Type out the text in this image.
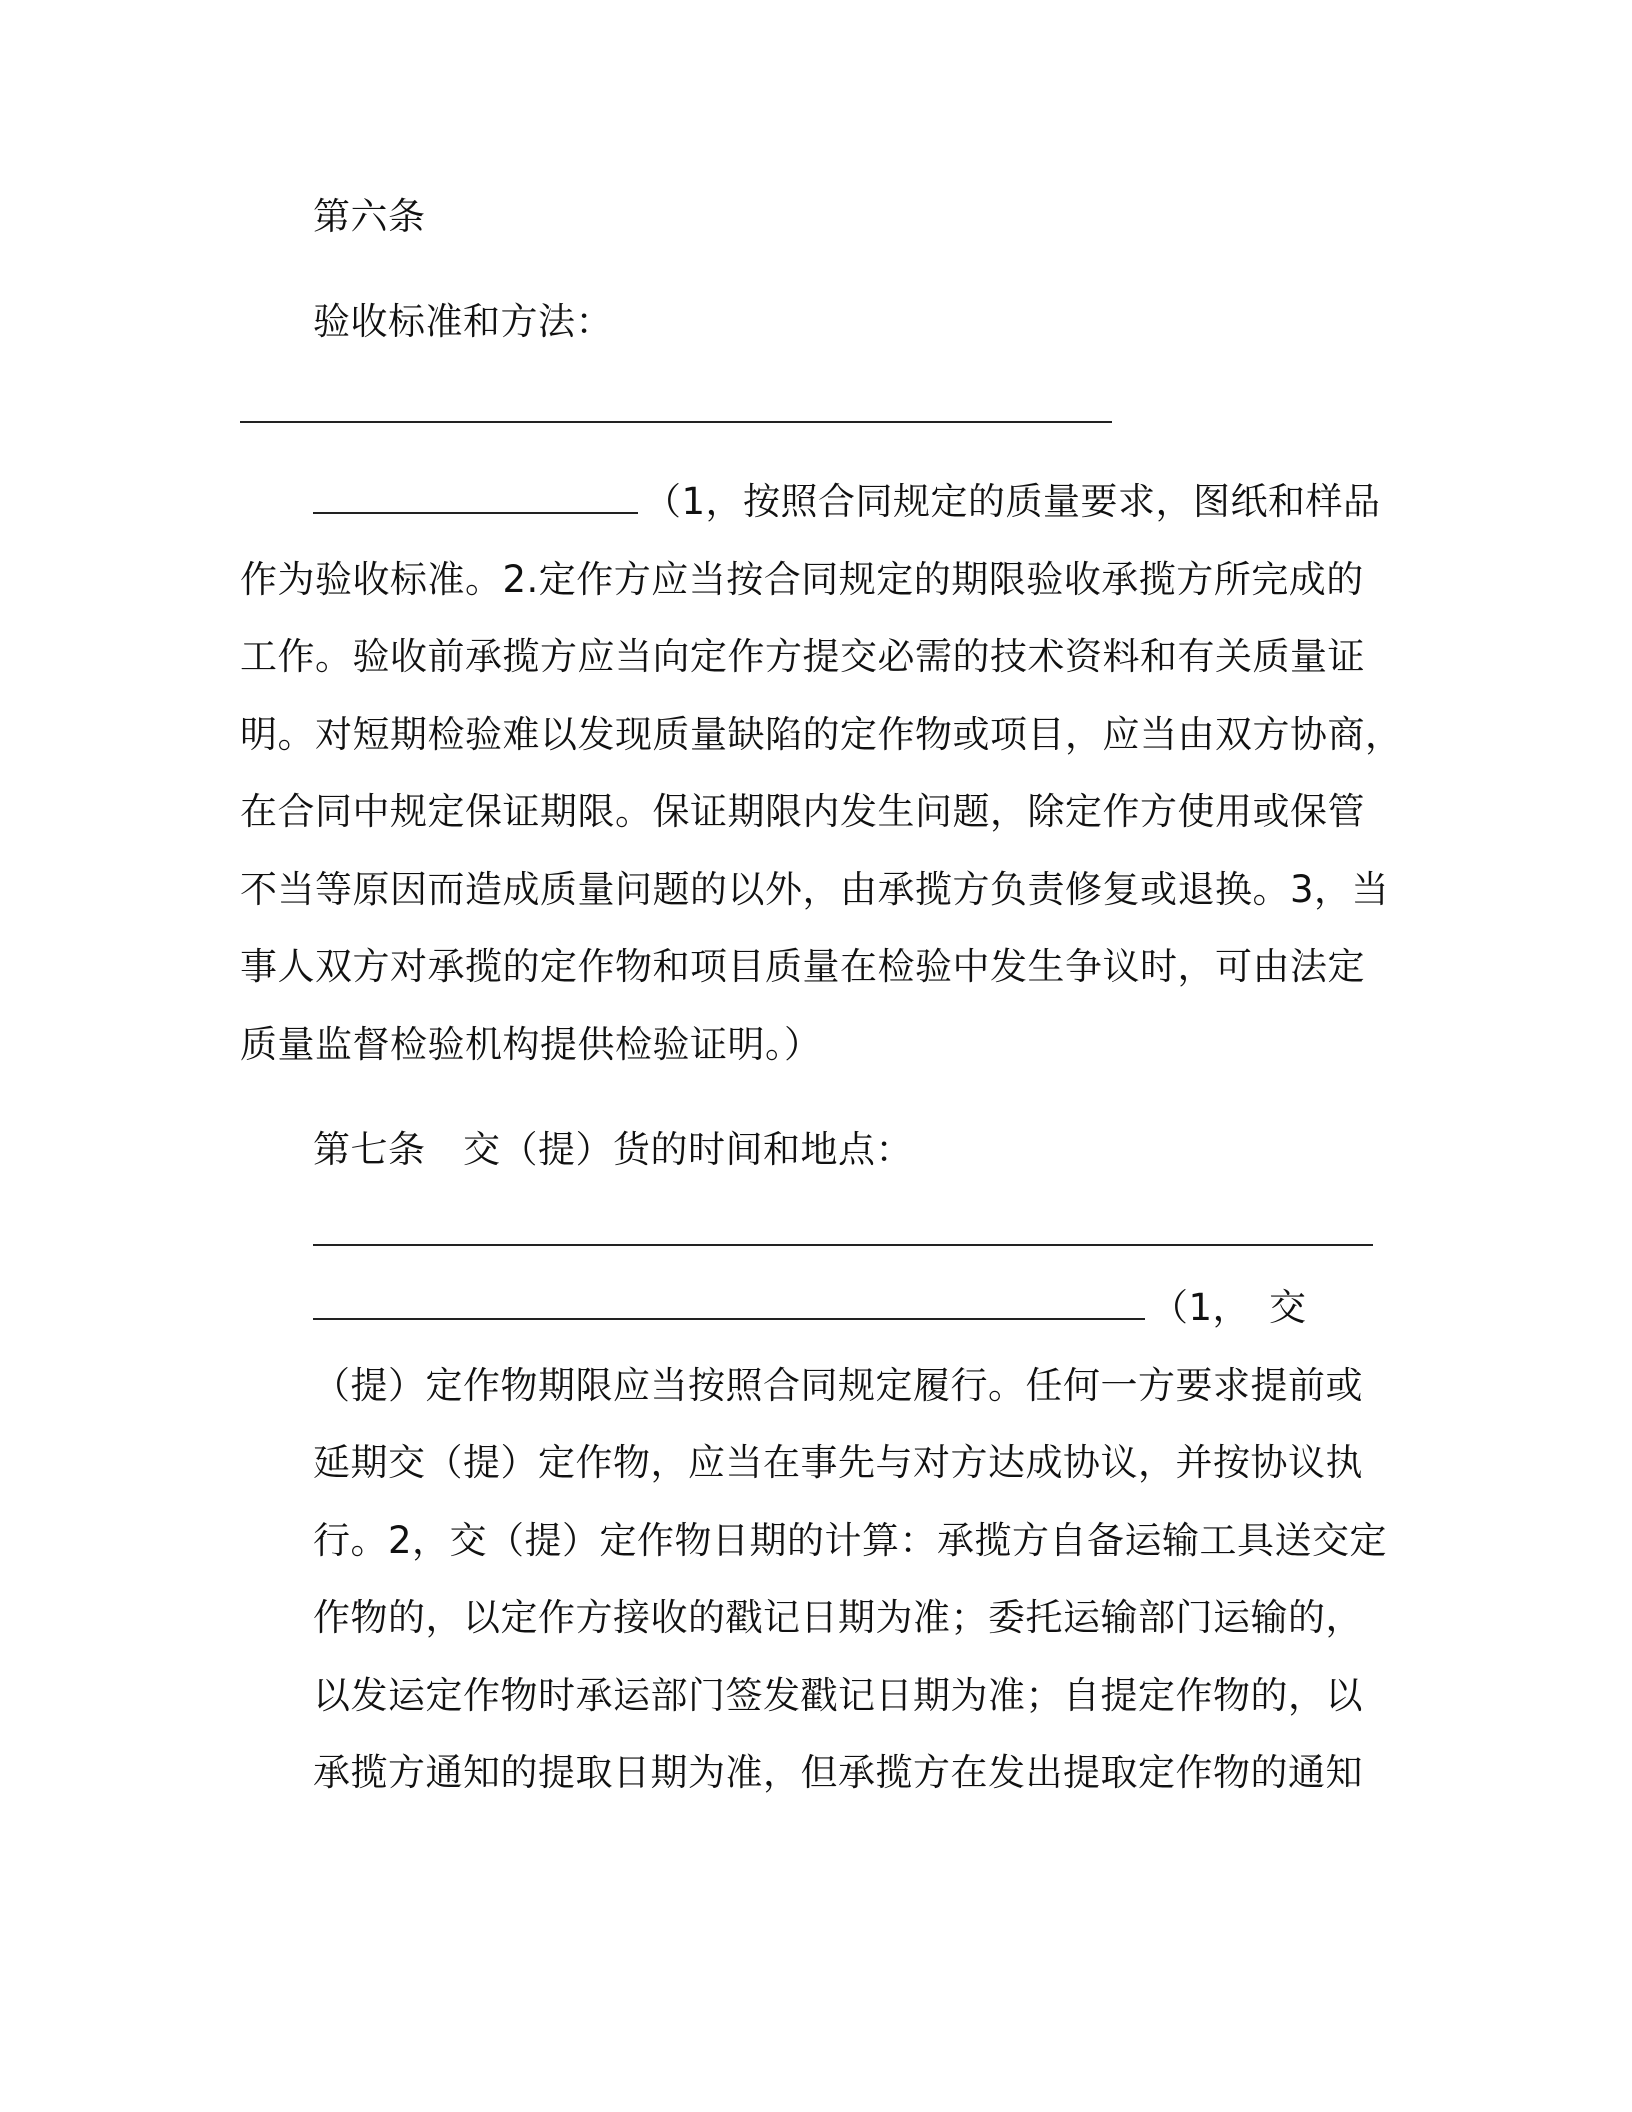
第六条
验收标准和方法：
（1，按照合同规定的质量要求，图纸和样品
作为验收标准。2.定作方应当按合同规定的期限验收承揽方所完成的
工作。验收前承揽方应当向定作方提交必需的技术资料和有关质量证
明。对短期检验难以发现质量缺陷的定作物或项目，应当由双方协商，
在合同中规定保证期限。保证期限内发生问题，除定作方使用或保管
不当等原因而造成质量问题的以外，由承揽方负责修复或退换。3，当
事人双方对承揽的定作物和项目质量在检验中发生争议时，可由法定
质量监督检验机构提供检验证明。）
第七条　交（提）货的时间和地点：
（1，　交
（提）定作物期限应当按照合同规定履行。任何一方要求提前或
延期交（提）定作物，应当在事先与对方达成协议，并按协议执
行。2，交（提）定作物日期的计算：承揽方自备运输工具送交定
作物的，以定作方接收的戳记日期为准；委托运输部门运输的，
以发运定作物时承运部门签发戳记日期为准；自提定作物的，以
承揽方通知的提取日期为准，但承揽方在发出提取定作物的通知
